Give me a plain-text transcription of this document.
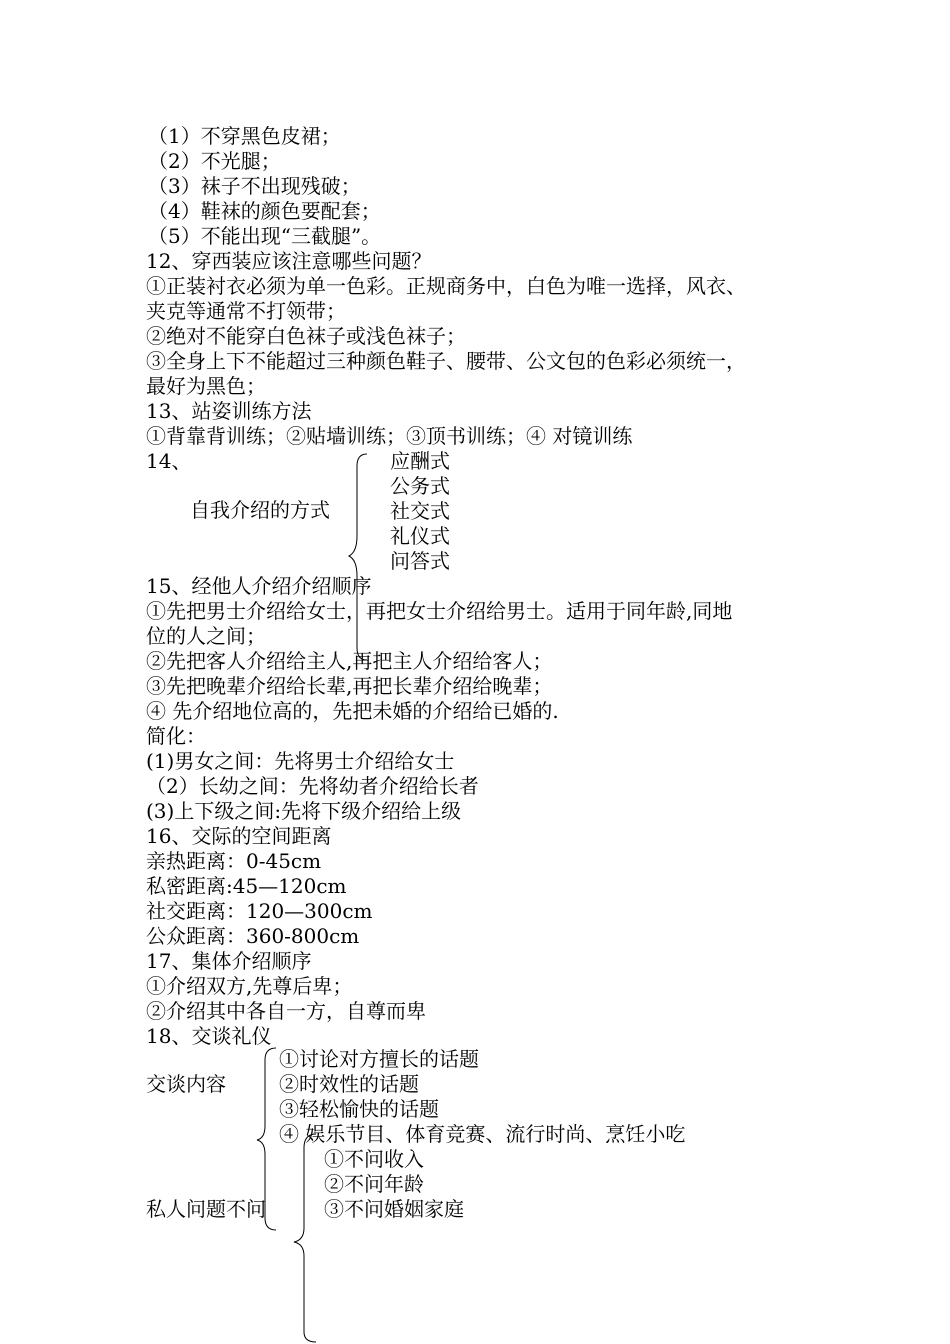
（1）不穿黑色皮裙；
（2）不光腿；
（3）袜子不出现残破；
（4）鞋袜的颜色要配套；
（5）不能出现“三截腿”。
12、穿西装应该注意哪些问题？
①正装衬衣必须为单一色彩。正规商务中，白色为唯一选择，风衣、
夹克等通常不打领带；
②绝对不能穿白色袜子或浅色袜子；
③全身上下不能超过三种颜色鞋子、腰带、公文包的色彩必须统一，
最好为黑色；
13、站姿训练方法
①背靠背训练；②贴墙训练；③顶书训练；④ 对镜训练
14、
自我介绍的方式
应酬式
公务式
社交式
礼仪式
问答式
15、经他人介绍介绍顺序
①先把男士介绍给女士，再把女士介绍给男士。适用于同年龄,同地
位的人之间；
②先把客人介绍给主人,再把主人介绍给客人；
③先把晚辈介绍给长辈,再把长辈介绍给晚辈；
④ 先介绍地位高的，先把未婚的介绍给已婚的.
简化：
(1)男女之间：先将男士介绍给女士
（2）长幼之间：先将幼者介绍给长者
(3)上下级之间:先将下级介绍给上级
16、交际的空间距离
亲热距离：0-45cm
私密距离:45—120cm
社交距离：120—300cm
公众距离：360-800cm
17、集体介绍顺序
①介绍双方,先尊后卑；
②介绍其中各自一方，自尊而卑
18、交谈礼仪
交谈内容
①讨论对方擅长的话题
②时效性的话题
③轻松愉快的话题
④ 娱乐节目、体育竞赛、流行时尚、烹饪小吃
私人问题不问
①不问收入
②不问年龄
③不问婚姻家庭
